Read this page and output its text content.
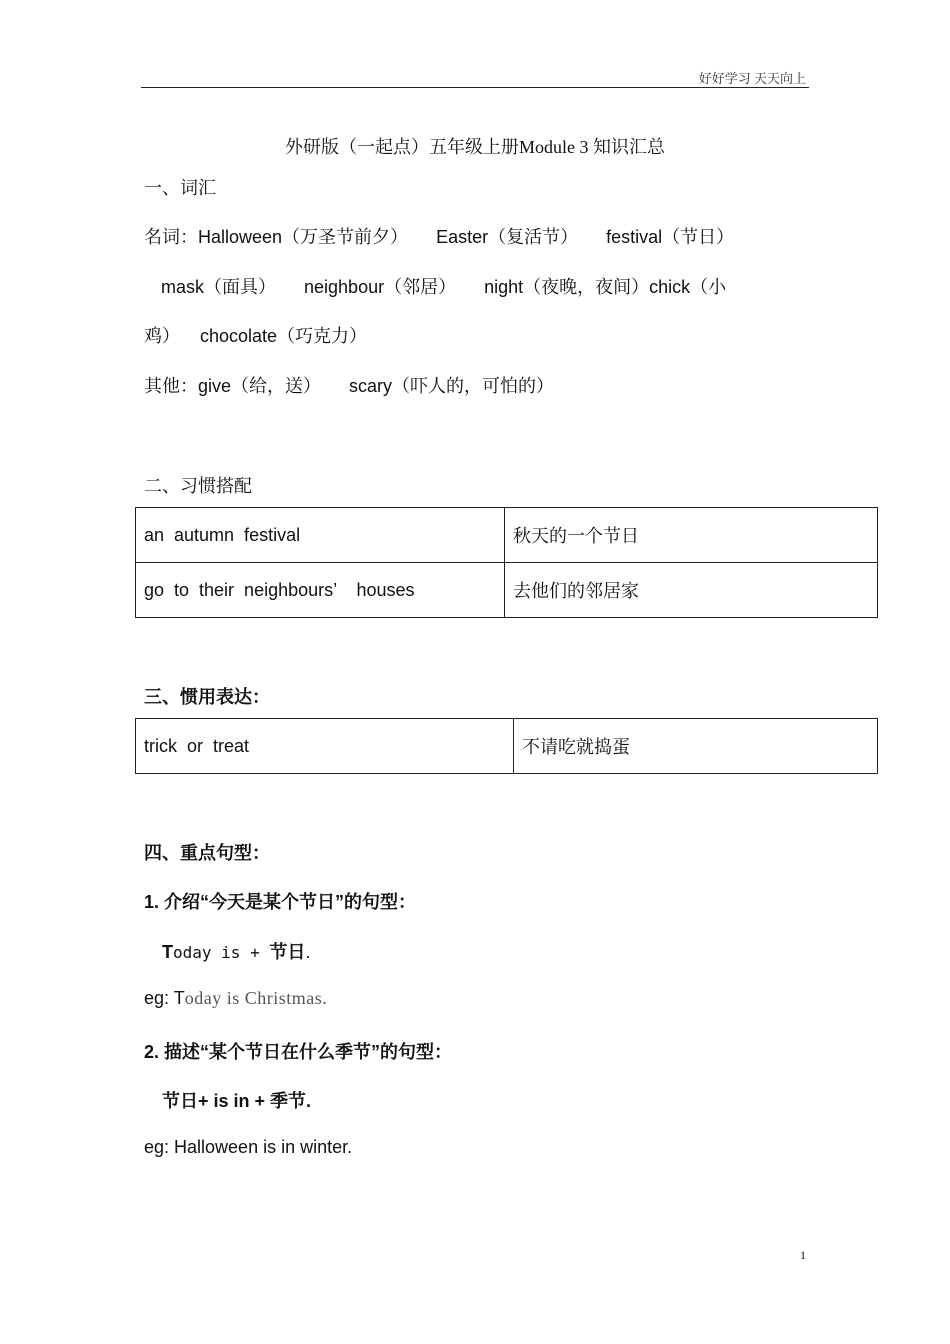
好好学习 天天向上
外研版（一起点）五年级上册Module 3 知识汇总
一、词汇
名词：Halloween（万圣节前夕） Easter（复活节） festival（节日）
mask（面具） neighbour（邻居） night（夜晚，夜间）chick（小
鸡） chocolate（巧克力）
其他：give（给，送） scary（吓人的，可怕的）
二、习惯搭配
an autumn festival	秋天的一个节日
go to their neighbours’  houses	去他们的邻居家
三、惯用表达：
trick or treat	不请吃就捣蛋
四、重点句型：
1. 介绍“今天是某个节日”的句型：
Today is + 节日.
eg: Today is Christmas.
2. 描述“某个节日在什么季节”的句型：
节日+ is in + 季节.
eg: Halloween is in winter.
1
